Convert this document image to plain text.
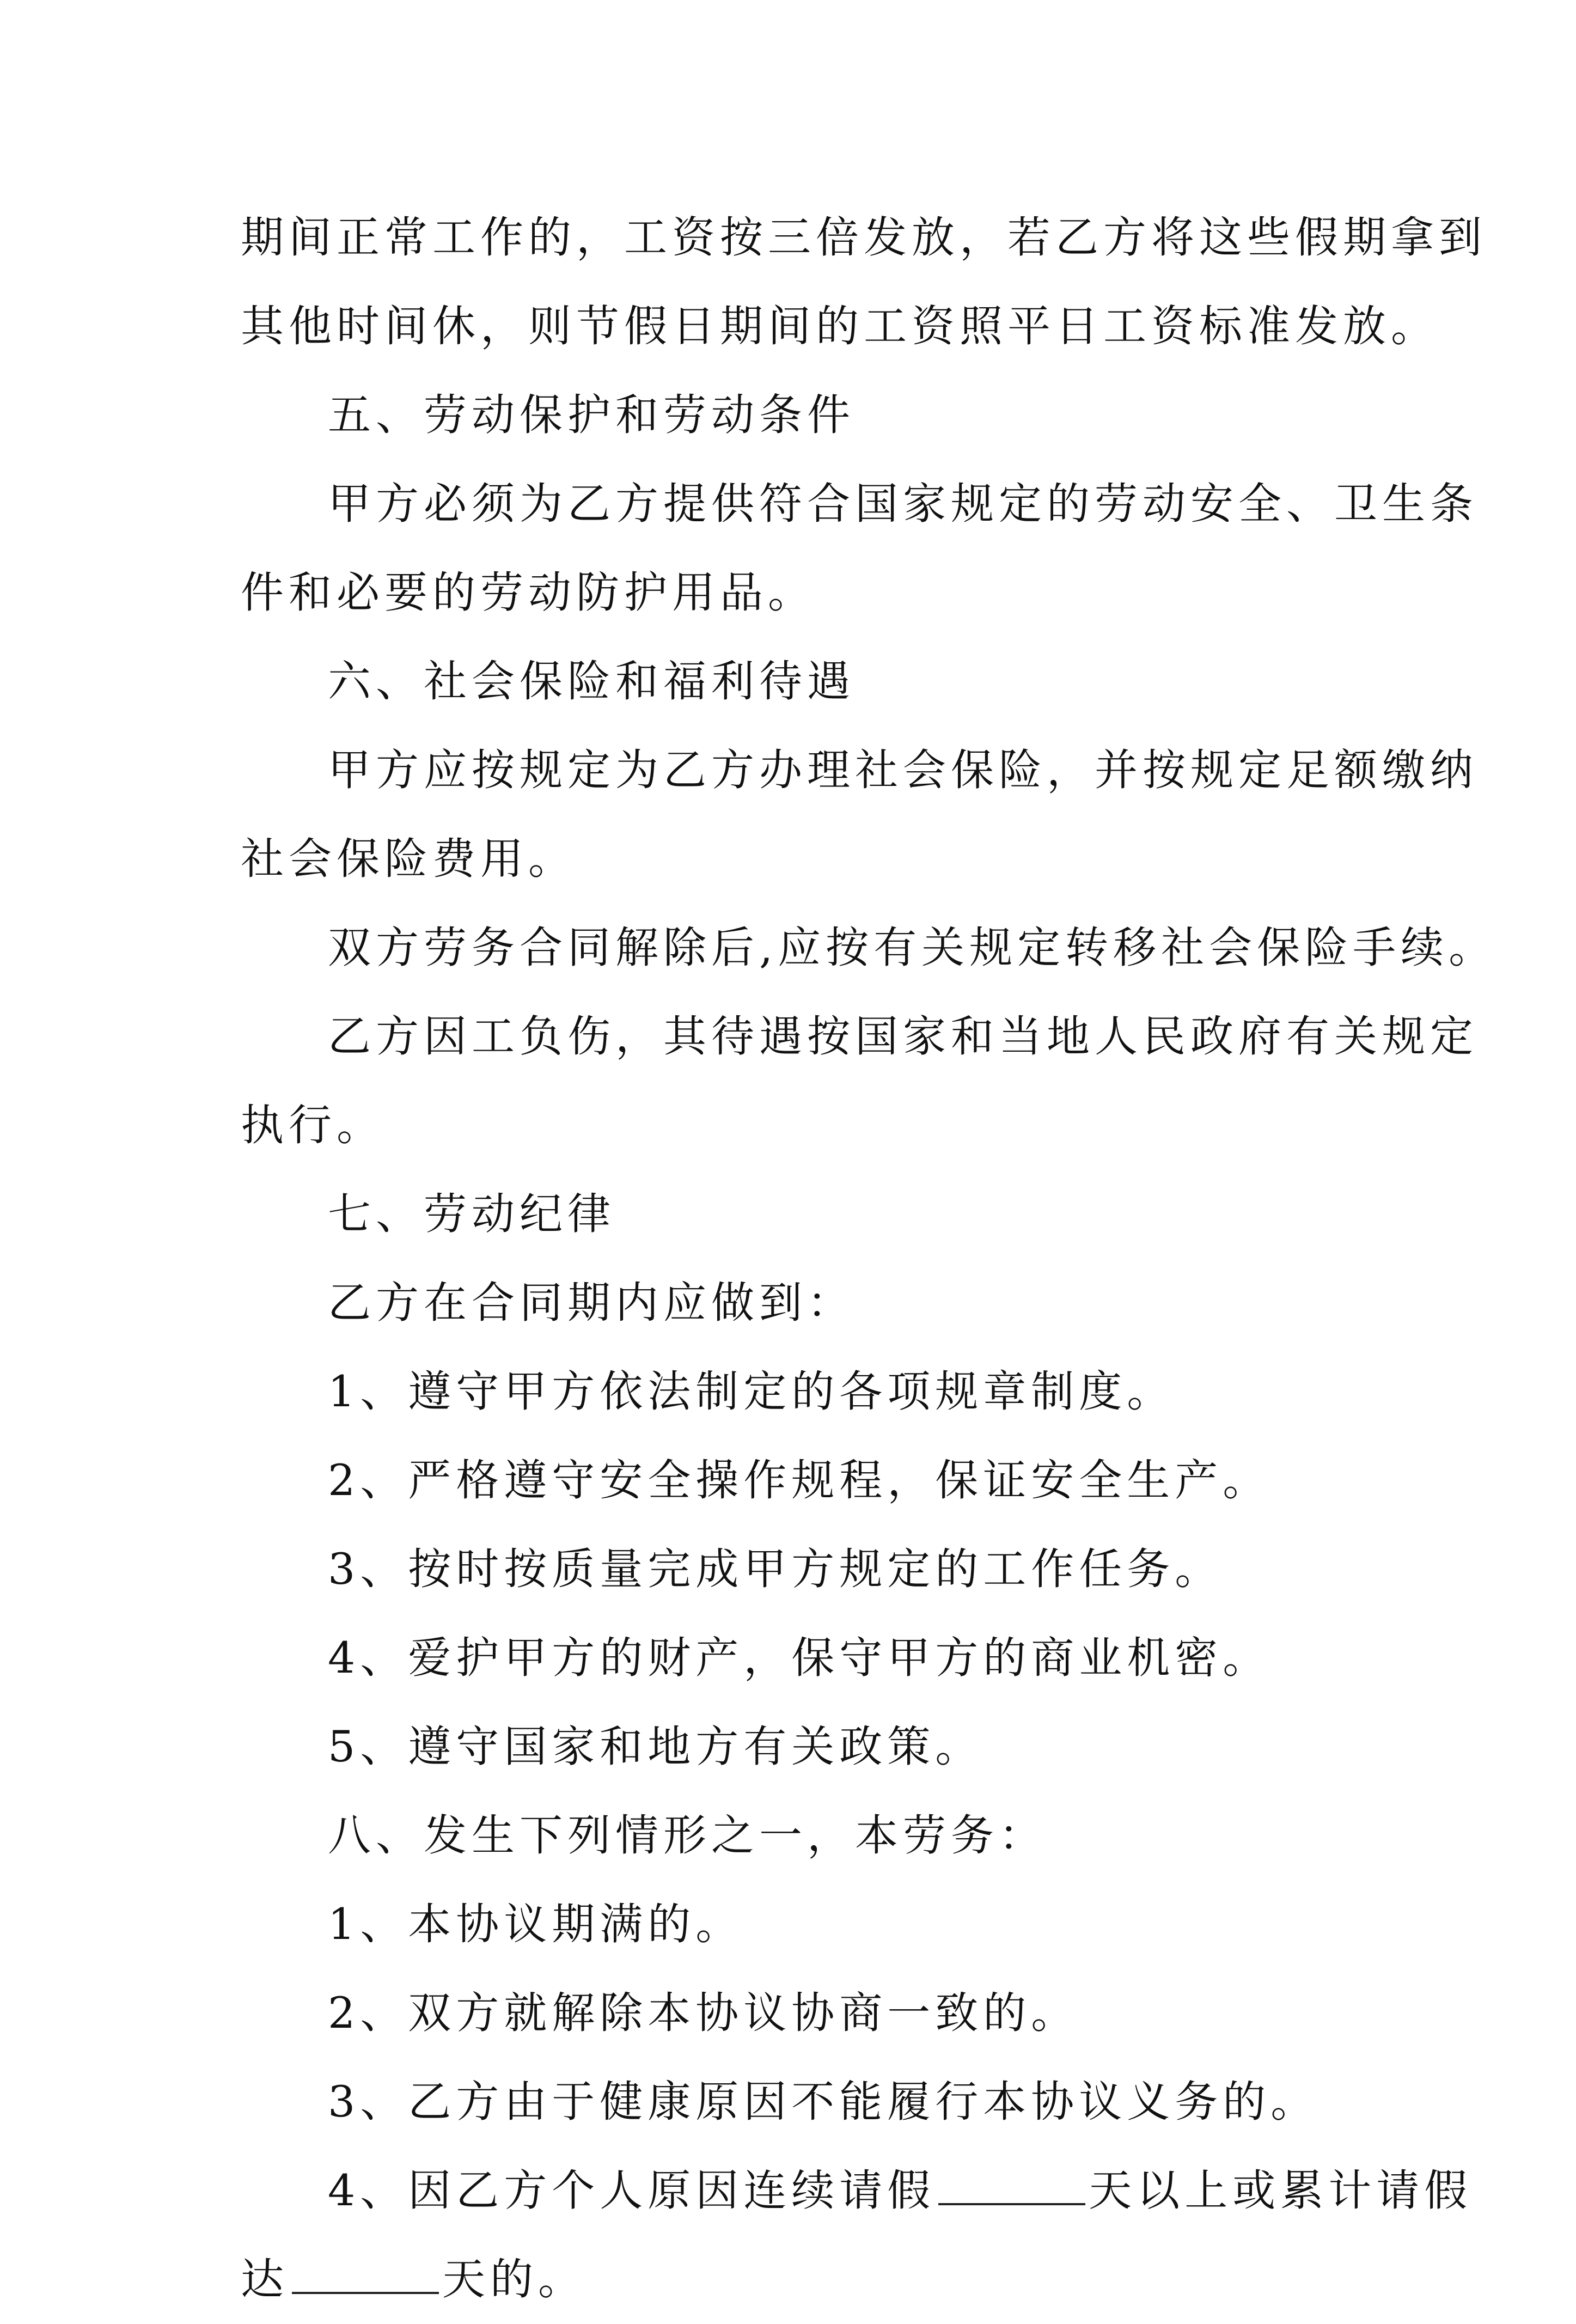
期间正常工作的，工资按三倍发放，若乙方将这些假期拿到

其他时间休，则节假日期间的工资照平日工资标准发放。

五、劳动保护和劳动条件

甲方必须为乙方提供符合国家规定的劳动安全、卫生条

件和必要的劳动防护用品。

六、社会保险和福利待遇

甲方应按规定为乙方办理社会保险，并按规定足额缴纳

社会保险费用。

双方劳务合同解除后,应按有关规定转移社会保险手续。

乙方因工负伤，其待遇按国家和当地人民政府有关规定

执行。

七、劳动纪律

乙方在合同期内应做到：

1、遵守甲方依法制定的各项规章制度。

2、严格遵守安全操作规程，保证安全生产。

3、按时按质量完成甲方规定的工作任务。

4、爱护甲方的财产，保守甲方的商业机密。

5、遵守国家和地方有关政策。

八、发生下列情形之一，本劳务：

1、本协议期满的。

2、双方就解除本协议协商一致的。

3、乙方由于健康原因不能履行本协议义务的。

4、因乙方个人原因连续请假	天以上或累计请假

达	天的。
